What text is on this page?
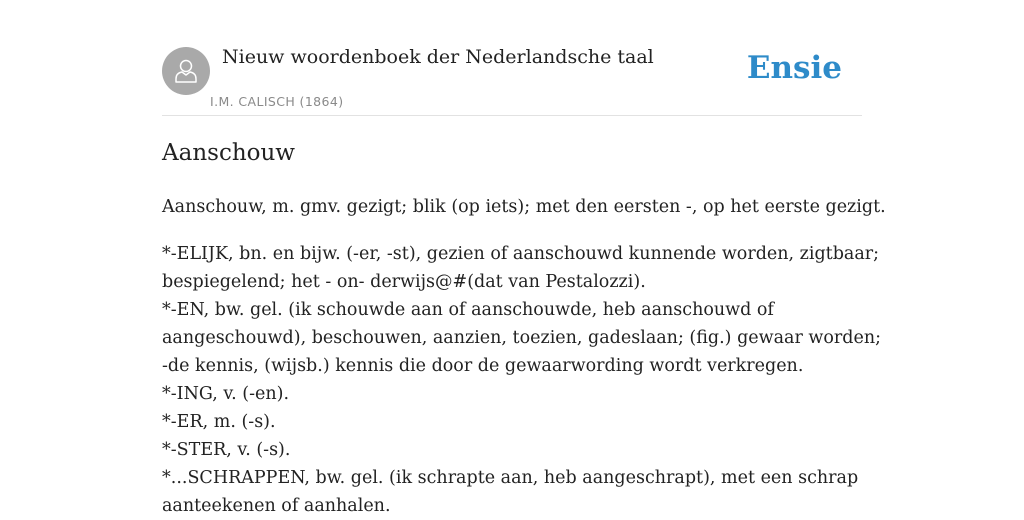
Nieuw woordenboek der Nederlandsche taal
I.M. CALISCH (1864)
Ensie
Aanschouw

Aanschouw, m. gmv. gezigt; blik (op iets); met den eersten -, op het eerste gezigt.

*-ELIJK, bn. en bijw. (-er, -st), gezien of aanschouwd kunnende worden, zigtbaar;
bespiegelend; het - on- derwijs@#(dat van Pestalozzi).
*-EN, bw. gel. (ik schouwde aan of aanschouwde, heb aanschouwd of
aangeschouwd), beschouwen, aanzien, toezien, gadeslaan; (fig.) gewaar worden;
-de kennis, (wijsb.) kennis die door de gewaarwording wordt verkregen.
*-ING, v. (-en).
*-ER, m. (-s).
*-STER, v. (-s).
*...SCHRAPPEN, bw. gel. (ik schrapte aan, heb aangeschrapt), met een schrap
aanteekenen of aanhalen.
